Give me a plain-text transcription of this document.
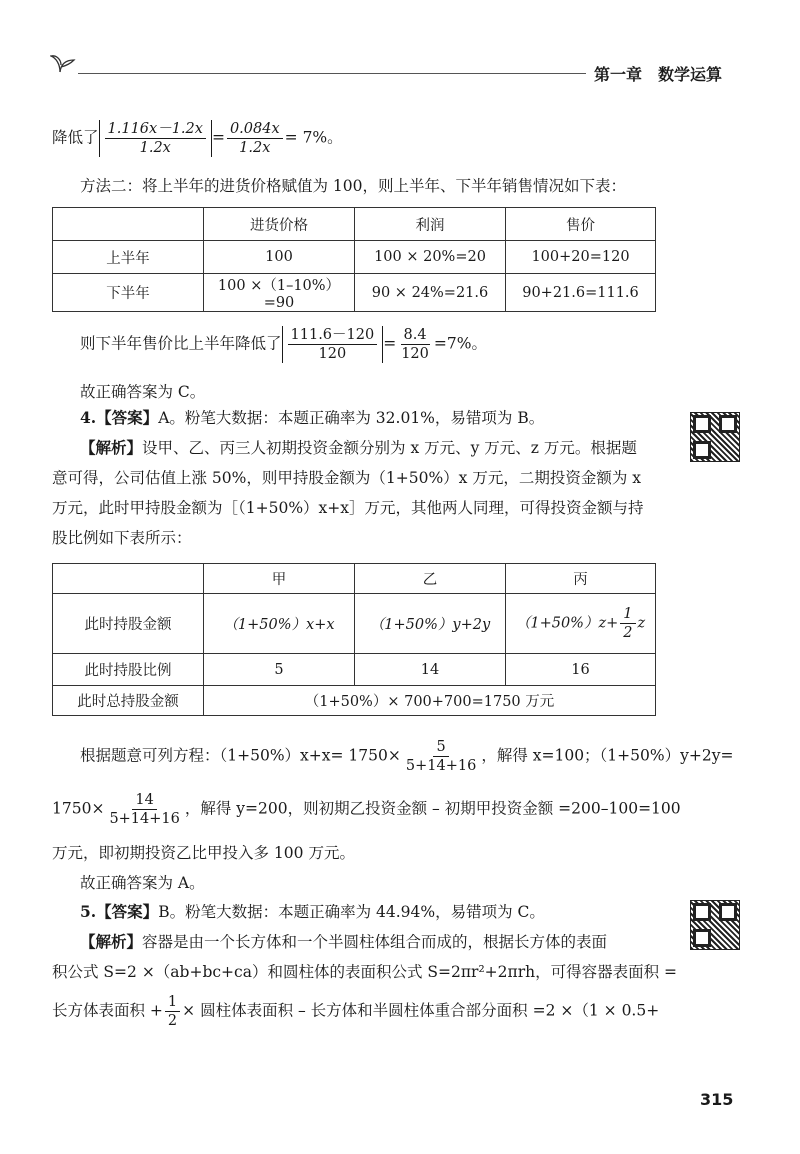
第一章　数学运算
降低了 $\frac{1.116x-1.2x}{1.2x} = \frac{0.084x}{1.2x} = 7\%$。
方法二：将上半年的进货价格赋值为 100，则上半年、下半年销售情况如下表：
	进货价格	利润	售价
上半年	100	100 × 20%=20	100+20=120
下半年	100 ×（1–10%）=90	90 × 24%=21.6	90+21.6=111.6
则下半年售价比上半年降低了 $\frac{111.6-120}{120} = \frac{8.4}{120} =7\%$。
故正确答案为 C。
4.【答案】A。粉笔大数据：本题正确率为 32.01%，易错项为 B。
【解析】设甲、乙、丙三人初期投资金额分别为 x 万元、y 万元、z 万元。根据题
意可得，公司估值上涨 50%，则甲持股金额为（1+50%）x 万元，二期投资金额为 x
万元，此时甲持股金额为［（1+50%）x+x］万元，其他两人同理，可得投资金额与持
股比例如下表所示：
	甲	乙	丙
此时持股金额	（1+50%）x+x	（1+50%）y+2y	$(1+50\%)z+ \frac{1}{2}$ z
此时持股比例	5	14	16
此时总持股金额	（1+50%）× 700+700=1750 万元		
根据题意可列方程：$(1+50\%)x+x= 1750\times \frac{5}{5+14+16}$ ，解得 x=100；（1+50%）y+2y=
$1750\times \frac{14}{5+14+16}$ ，解得 y=200，则初期乙投资金额 – 初期甲投资金额 =200–100=100
万元，即初期投资乙比甲投入多 100 万元。
故正确答案为 A。
5.【答案】B。粉笔大数据：本题正确率为 44.94%，易错项为 C。
【解析】容器是由一个长方体和一个半圆柱体组合而成的，根据长方体的表面
积公式 S=2 ×（ab+bc+ca）和圆柱体的表面积公式 S=2πr²+2πrh，可得容器表面积 =
长方体表面积 + $\frac{1}{2}$ × 圆柱体表面积 – 长方体和半圆柱体重合部分面积 =2 ×（1 × 0.5+
315
